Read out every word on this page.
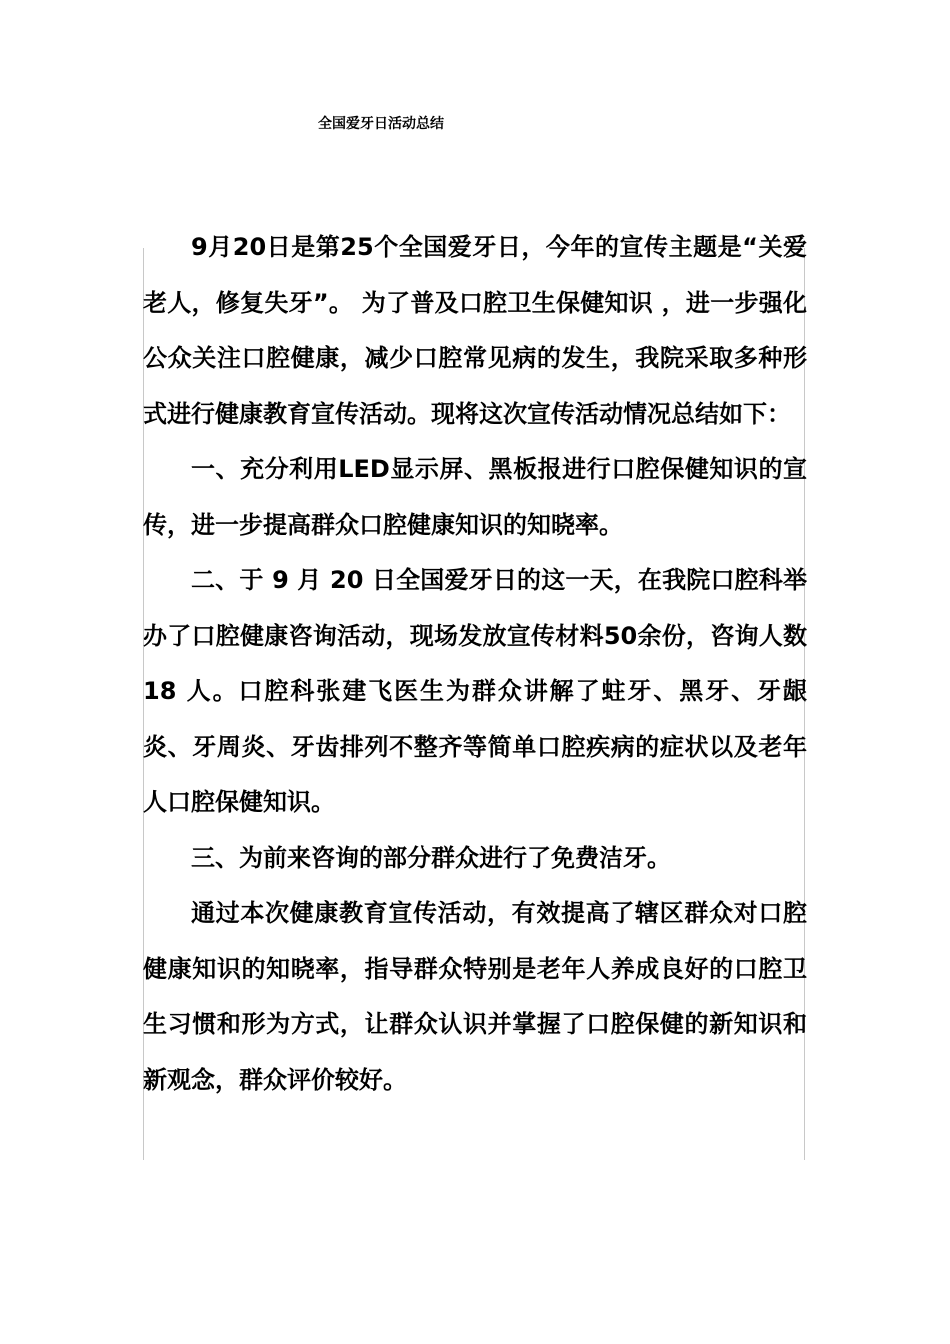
全国爱牙日活动总结

9月20日是第25个全国爱牙日，今年的宣传主题是“关爱老人，修复失牙”。 为了普及口腔卫生保健知识 ，进一步强化公众关注口腔健康，减少口腔常见病的发生，我院采取多种形式进行健康教育宣传活动。现将这次宣传活动情况总结如下：

一、充分利用LED显示屏、黑板报进行口腔保健知识的宣传，进一步提高群众口腔健康知识的知晓率。

二、于 9 月 20 日全国爱牙日的这一天，在我院口腔科举办了口腔健康咨询活动，现场发放宣传材料50余份，咨询人数18 人。口腔科张建飞医生为群众讲解了蛀牙、黑牙、牙龈炎、牙周炎、牙齿排列不整齐等简单口腔疾病的症状以及老年人口腔保健知识。

三、为前来咨询的部分群众进行了免费洁牙。

通过本次健康教育宣传活动，有效提高了辖区群众对口腔健康知识的知晓率，指导群众特别是老年人养成良好的口腔卫生习惯和形为方式，让群众认识并掌握了口腔保健的新知识和新观念，群众评价较好。
